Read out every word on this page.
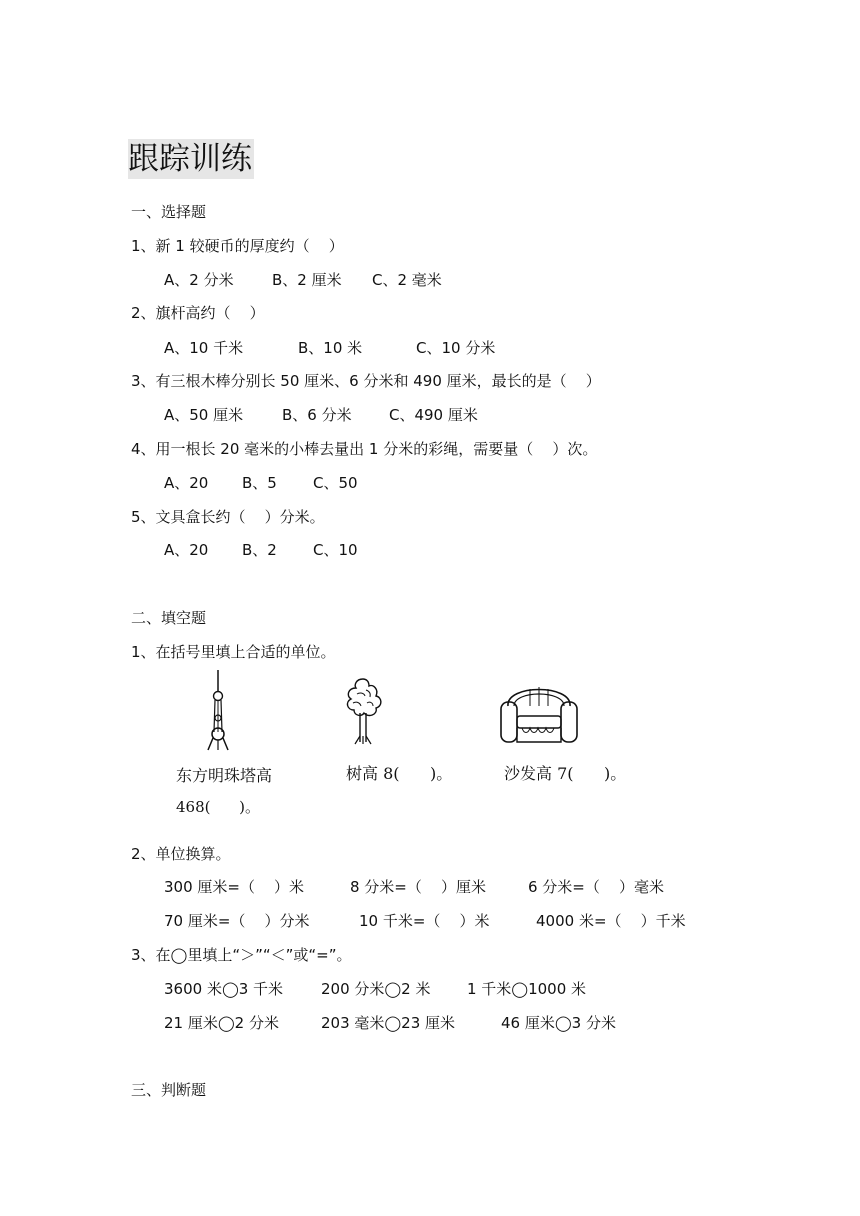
跟踪训练
一、选择题
1、新 1 较硬币的厚度约（    ）
A、2 分米	B、2 厘米 C、2 毫米
2、旗杆高约（    ）
A、10 千米	B、10 米	C、10 分米
3、有三根木棒分别长 50 厘米、6 分米和 490 厘米，最长的是（    ）
A、50 厘米	B、6 分米 C、490 厘米
4、用一根长 20 毫米的小棒去量出 1 分米的彩绳，需要量（    ）次。
A、20 B、5 C、50
5、文具盒长约（    ）分米。
A、20 B、2 C、10
二、填空题
1、在括号里填上合适的单位。
东方明珠塔高
468(      )。
树高 8(      )。	沙发高 7(      )。
2、单位换算。
300 厘米=（    ）米	8 分米=（    ）厘米	6 分米=（    ）毫米
70 厘米=（    ）分米	10 千米=（    ）米	4000 米=（    ）千米
3、在◯里填上“＞”“＜”或“=”。
3600 米◯3 千米	200 分米◯2 米 1 千米◯1000 米
21 厘米◯2 分米	203 毫米◯23 厘米	46 厘米◯3 分米
三、判断题
